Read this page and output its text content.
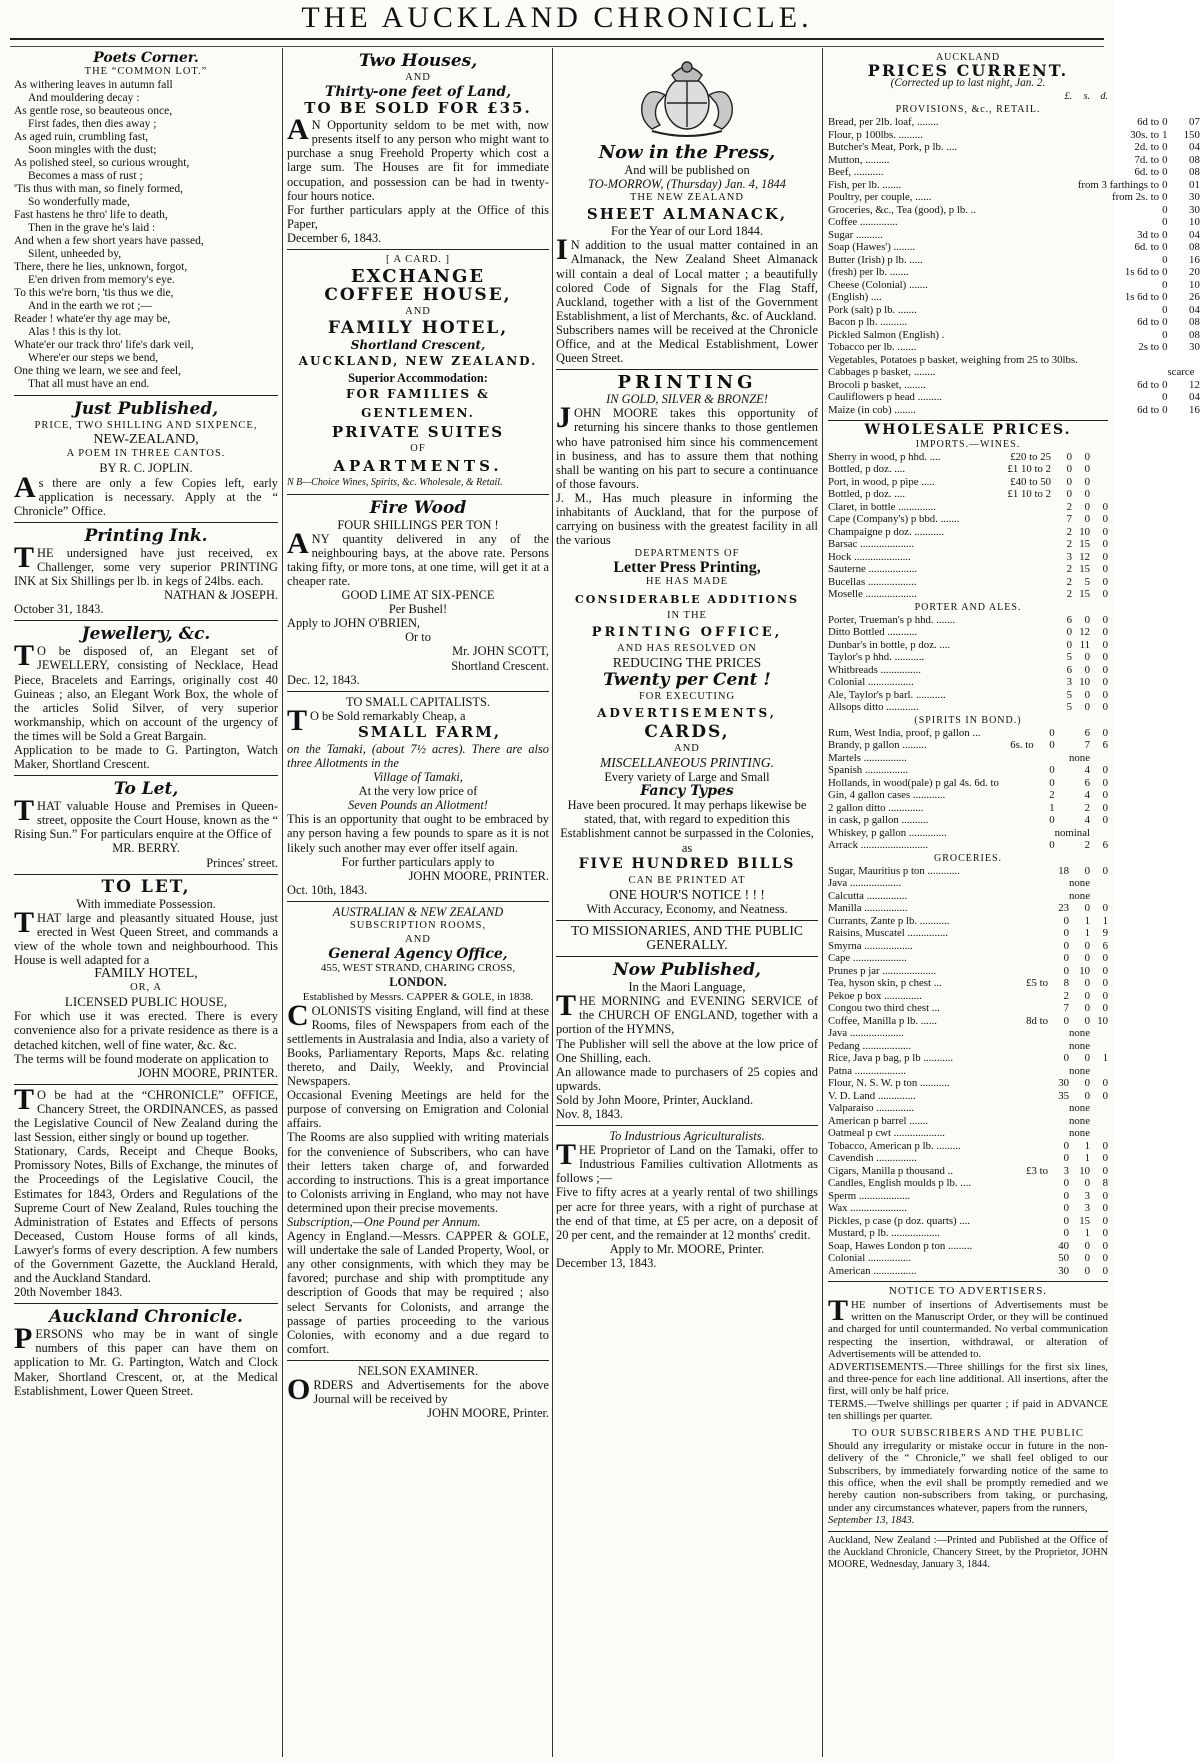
THE AUCKLAND CHRONICLE.
Poets Corner.
THE “COMMON LOT.”
As withering leaves in autumn fall
And mouldering decay :
As gentle rose, so beauteous once,
First fades, then dies away ;
As aged ruin, crumbling fast,
Soon mingles with the dust;
As polished steel, so curious wrought,
Becomes a mass of rust ;
'Tis thus with man, so finely formed,
So wonderfully made,
Fast hastens he thro' life to death,
Then in the grave he's laid :
And when a few short years have passed,
Silent, unheeded by,
There, there he lies, unknown, forgot,
E'en driven from memory's eye.
To this we're born, 'tis thus we die,
And in the earth we rot ;—
Reader ! whate'er thy age may be,
Alas ! this is thy lot.
Whate'er our track thro' life's dark veil,
Where'er our steps we bend,
One thing we learn, we see and feel,
That all must have an end.
Just Published,
PRICE, TWO SHILLING AND SIXPENCE,
NEW-ZEALAND,
A POEM IN THREE CANTOS.
BY R. C. JOPLIN.

As there are only a few Copies left, early application is necessary. Apply at the “ Chronicle” Office.

Printing Ink.

THE undersigned have just received, ex Challenger, some very superior PRINTING INK at Six Shillings per lb. in kegs of 24lbs. each.

NATHAN & JOSEPH.
October 31, 1843.
Jewellery, &c.

TO be disposed of, an Elegant set of JEWELLERY, consisting of Necklace, Head Piece, Bracelets and Earrings, originally cost 40 Guineas ; also, an Elegant Work Box, the whole of the articles Solid Silver, of very superior workmanship, which on account of the urgency of the times will be Sold a Great Bargain.

Application to be made to G. Partington, Watch Maker, Shortland Crescent.

To Let,

THAT valuable House and Premises in Queen-street, opposite the Court House, known as the “ Rising Sun.” For particulars enquire at the Office of

MR. BERRY.
Princes' street.
TO LET,
With immediate Possession.

THAT large and pleasantly situated House, just erected in West Queen Street, and commands a view of the whole town and neighbourhood. This House is well adapted for a

FAMILY HOTEL,
OR, A
LICENSED PUBLIC HOUSE,

For which use it was erected. There is every convenience also for a private residence as there is a detached kitchen, well of fine water, &c. &c.

The terms will be found moderate on application to

JOHN MOORE, PRINTER.

TO be had at the “CHRONICLE” OFFICE, Chancery Street, the ORDINANCES, as passed the Legislative Council of New Zealand during the last Session, either singly or bound up together.

Stationary, Cards, Receipt and Cheque Books, Promissory Notes, Bills of Exchange, the minutes of the Proceedings of the Legislative Coucil, the Estimates for 1843, Orders and Regulations of the Supreme Court of New Zealand, Rules touching the Administration of Estates and Effects of persons Deceased, Custom House forms of all kinds, Lawyer's forms of every description. A few numbers of the Government Gazette, the Auckland Herald, and the Auckland Standard.

20th November 1843.
Auckland Chronicle.

PERSONS who may be in want of single numbers of this paper can have them on application to Mr. G. Partington, Watch and Clock Maker, Shortland Crescent, or, at the Medical Establishment, Lower Queen Street.

Two Houses,
AND
Thirty-one feet of Land,
TO BE SOLD FOR £35.

AN Opportunity seldom to be met with, now presents itself to any person who might want to purchase a snug Freehold Property which cost a large sum. The Houses are fit for immediate occupation, and possession can be had in twenty-four hours notice.

For further particulars apply at the Office of this Paper,

December 6, 1843.
[ A CARD. ]
EXCHANGE
COFFEE HOUSE,
AND
FAMILY HOTEL,
Shortland Crescent,
AUCKLAND, NEW ZEALAND.
Superior Accommodation:
FOR FAMILIES & GENTLEMEN.
PRIVATE SUITES
OF
APARTMENTS.
N B—Choice Wines, Spirits, &c. Wholesale, & Retail.
Fire Wood
FOUR SHILLINGS PER TON !

ANY quantity delivered in any of the neighbouring bays, at the above rate. Persons taking fifty, or more tons, at one time, will get it at a cheaper rate.

GOOD LIME AT SIX-PENCE
Per Bushel!
Apply to JOHN O'BRIEN,
Or to
Mr. JOHN SCOTT,
Shortland Crescent.
Dec. 12, 1843.
TO SMALL CAPITALISTS.

TO be Sold remarkably Cheap, a

SMALL FARM,

on the Tamaki, (about 7½ acres). There are also three Allotments in the

Village of Tamaki,
At the very low price of
Seven Pounds an Allotment!

This is an opportunity that ought to be embraced by any person having a few pounds to spare as it is not likely such another may ever offer itself again.

For further particulars apply to
JOHN MOORE, PRINTER.
Oct. 10th, 1843.
AUSTRALIAN & NEW ZEALAND
SUBSCRIPTION ROOMS,
AND
General Agency Office,
455, WEST STRAND, CHARING CROSS,
LONDON.
Established by Messrs. CAPPER & GOLE, in 1838.

COLONISTS visiting England, will find at these Rooms, files of Newspapers from each of the settlements in Australasia and India, also a variety of Books, Parliamentary Reports, Maps &c. relating thereto, and Daily, Weekly, and Provincial Newspapers.

Occasional Evening Meetings are held for the purpose of conversing on Emigration and Colonial affairs.

The Rooms are also supplied with writing materials for the convenience of Subscribers, who can have their letters taken charge of, and forwarded according to instructions. This is a great importance to Colonists arriving in England, who may not have determined upon their precise movements.

Subscription,—One Pound per Annum.

Agency in England.—Messrs. CAPPER & GOLE, will undertake the sale of Landed Property, Wool, or any other consignments, with which they may be favored; purchase and ship with promptitude any description of Goods that may be required ; also select Servants for Colonists, and arrange the passage of parties proceeding to the various Colonies, with economy and a due regard to comfort.

NELSON EXAMINER.

ORDERS and Advertisements for the above Journal will be received by

JOHN MOORE, Printer.
Now in the Press,
And will be published on
TO-MORROW, (Thursday) Jan. 4, 1844
THE NEW ZEALAND
SHEET ALMANACK,
For the Year of our Lord 1844.

IN addition to the usual matter contained in an Almanack, the New Zealand Sheet Almanack will contain a deal of Local matter ; a beautifully colored Code of Signals for the Flag Staff, Auckland, together with a list of the Government Establishment, a list of Merchants, &c. of Auckland.

Subscribers names will be received at the Chronicle Office, and at the Medical Establishment, Lower Queen Street.

PRINTING
IN GOLD, SILVER & BRONZE!

JOHN MOORE takes this opportunity of returning his sincere thanks to those gentlemen who have patronised him since his commencement in business, and has to assure them that nothing shall be wanting on his part to secure a continuance of those favours.

J. M., Has much pleasure in informing the inhabitants of Auckland, that for the purpose of carrying on business with the greatest facility in all the various

DEPARTMENTS OF
Letter Press Printing,
HE HAS MADE
CONSIDERABLE ADDITIONS
IN THE
PRINTING OFFICE,
AND HAS RESOLVED ON
REDUCING THE PRICES
Twenty per Cent !
FOR EXECUTING
ADVERTISEMENTS,
CARDS,
AND
MISCELLANEOUS PRINTING.
Every variety of Large and Small
Fancy Types

Have been procured. It may perhaps likewise be stated, that, with regard to expedition this Establishment cannot be surpassed in the Colonies, as

FIVE HUNDRED BILLS
CAN BE PRINTED AT
ONE HOUR'S NOTICE ! ! !
With Accuracy, Economy, and Neatness.
TO MISSIONARIES, AND THE PUBLIC GENERALLY.
Now Published,
In the Maori Language,

THE MORNING and EVENING SERVICE of the CHURCH OF ENGLAND, together with a portion of the HYMNS,

The Publisher will sell the above at the low price of One Shilling, each.

An allowance made to purchasers of 25 copies and upwards.

Sold by John Moore, Printer, Auckland.

Nov. 8, 1843.
To Industrious Agriculturalists.

THE Proprietor of Land on the Tamaki, offer to Industrious Families cultivation Allotments as follows ;—

Five to fifty acres at a yearly rental of two shillings per acre for three years, with a right of purchase at the end of that time, at £5 per acre, on a deposit of 20 per cent, and the remainder at 12 months' credit.

Apply to Mr. MOORE, Printer.
December 13, 1843.
AUCKLAND
PRICES CURRENT.
(Corrected up to last night, Jan. 2.
£.	s.	d.
PROVISIONS, &c., RETAIL.
Bread, per 2lb. loaf, ........	6d to	0	0	7
Flour, p 100lbs. .........	30s. to	1	15	0
Butcher's Meat, Pork, p lb. ....	2d. to	0	0	4
Mutton, .........	7d. to	0	0	8
Beef, ...........	6d. to	0	0	8
Fish, per lb. .......	from 3 farthings to	0	0	1
Poultry, per couple, ......	from 2s. to	0	3	0
Groceries, &c., Tea (good), p lb. ..		0	3	0
Coffee ..............		0	1	0
Sugar ..........	3d to	0	0	4
Soap (Hawes') ........	6d. to	0	0	8
Butter (Irish) p lb. .....		0	1	6
(fresh) per lb. .......	1s 6d to	0	2	0
Cheese (Colonial) .......		0	1	0
(English) ....	1s 6d to	0	2	6
Pork (salt) p lb. .......		0	0	4
Bacon p lb. ..........	6d to	0	0	8
Pickled Salmon (English) .		0	0	8
Tobacco per lb. .......	2s to	0	3	0
Vegetables, Potatoes p basket, weighing from 25 to 30lbs.				
Cabbages p basket, ........			scarce	
Brocoli p basket, ........	6d to	0	1	2
Cauliflowers p head .........		0	0	4
Maize (in cob) ........	6d to	0	1	6
WHOLESALE PRICES.
IMPORTS.—WINES.
Sherry in wood, p hhd. ....	£20 to 25	0	0	
Bottled, p doz. ....	£1 10 to 2	0	0	
Port, in wood, p pipe .....	£40 to 50	0	0	
Bottled, p doz. ....	£1 10 to 2	0	0	
Claret, in bottle ..............		2	0	0
Cape (Company's) p bbd. .......		7	0	0
Champaigne p doz. ...........		2	10	0
Barsac ....................		2	15	0
Hock .....................		3	12	0
Sauterne ..................		2	15	0
Bucellas ..................		2	5	0
Moselle ...................		2	15	0
PORTER AND ALES.
Porter, Trueman's p hhd. .......		6	0	0
Ditto Bottled ...........		0	12	0
Dunbar's in bottle, p doz. ....		0	11	0
Taylor's p hhd. ...........		5	0	0
Whitbreads ...............		6	0	0
Colonial .................		3	10	0
Ale, Taylor's p barl. ...........		5	0	0
Allsops ditto ............		5	0	0
(SPIRITS IN BOND.)
Rum, West India, proof, p gallon ...		0	6	0
Brandy, p gallon .........	6s. to	0	7	6
Martels ................			none	
Spanish ................		0	4	0
Hollands, in wood(pale) p gal 4s. 6d. to		0	6	0
Gin, 4 gallon cases ............		2	4	0
2 gallon ditto .............		1	2	0
in cask, p gallon ..........		0	4	0
Whiskey, p gallon ..............			nominal	
Arrack .........................		0	2	6
GROCERIES.
Sugar, Mauritius p ton ............		18	0	0
Java ...................			none	
Calcutta ...............			none	
Manilla ................		23	0	0
Currants, Zante p lb. ...........		0	1	1
Raisins, Muscatel ...............		0	1	9
Smyrna ..................		0	0	6
Cape ....................		0	0	0
Prunes p jar ....................		0	10	0
Tea, hyson skin, p chest ...	£5 to	8	0	0
Pekoe p box ..............		2	0	0
Congou two third chest ...		7	0	0
Coffee, Manilla p lb. ......	8d to	0	0	10
Java ....................			none	
Pedang ..................			none	
Rice, Java p bag, p lb ...........		0	0	1
Patna ...................			none	
Flour, N. S. W. p ton ...........		30	0	0
V. D. Land ..............		35	0	0
Valparaiso ..............			none	
American p barrel .......			none	
Oatmeal p cwt ...................			none	
Tobacco, American p lb. .........		0	1	0
Cavendish ...............		0	1	0
Cigars, Manilla p thousand ..	£3 to	3	10	0
Candles, English moulds p lb. ....		0	0	8
Sperm ...................		0	3	0
Wax .....................		0	3	0
Pickles, p case (p doz. quarts) ....		0	15	0
Mustard, p lb. ..................		0	1	0
Soap, Hawes London p ton .........		40	0	0
Colonial ................		50	0	0
American ................		30	0	0
NOTICE TO ADVERTISERS.

THE number of insertions of Advertisements must be written on the Manuscript Order, or they will be continued and charged for until countermanded. No verbal communication respecting the insertion, withdrawal, or alteration of Advertisements will be attended to.

ADVERTISEMENTS.—Three shillings for the first six lines, and three-pence for each line additional. All insertions, after the first, will only be half price.

TERMS.—Twelve shillings per quarter ; if paid in ADVANCE ten shillings per quarter.

TO OUR SUBSCRIBERS AND THE PUBLIC

Should any irregularity or mistake occur in future in the non-delivery of the “ Chronicle,” we shall feel obliged to our Subscribers, by immediately forwarding notice of the same to this office, when the evil shall be promptly remedied and we hereby caution non-subscribers from taking, or purchasing, under any circumstances whatever, papers from the runners,

September 13, 1843.

Auckland, New Zealand :—Printed and Published at the Office of the Auckland Chronicle, Chancery Street, by the Proprietor, JOHN MOORE, Wednesday, January 3, 1844.
